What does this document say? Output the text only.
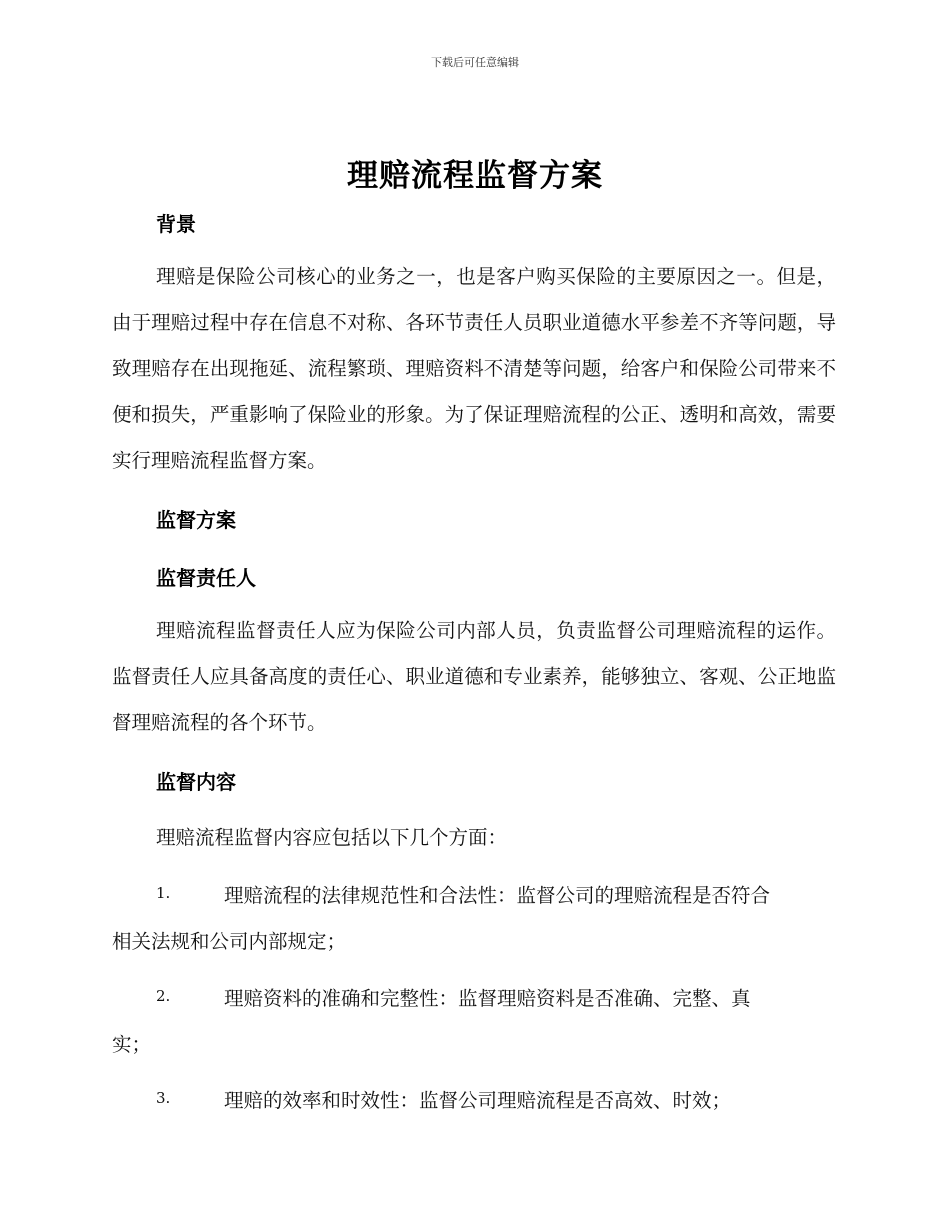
下载后可任意编辑
理赔流程监督方案
背景
理赔是保险公司核心的业务之一，也是客户购买保险的主要原因之一。但是，由于理赔过程中存在信息不对称、各环节责任人员职业道德水平参差不齐等问题，导致理赔存在出现拖延、流程繁琐、理赔资料不清楚等问题，给客户和保险公司带来不便和损失，严重影响了保险业的形象。为了保证理赔流程的公正、透明和高效，需要实行理赔流程监督方案。
监督方案
监督责任人
理赔流程监督责任人应为保险公司内部人员，负责监督公司理赔流程的运作。监督责任人应具备高度的责任心、职业道德和专业素养，能够独立、客观、公正地监督理赔流程的各个环节。
监督内容
理赔流程监督内容应包括以下几个方面：
1.	理赔流程的法律规范性和合法性：监督公司的理赔流程是否符合
相关法规和公司内部规定；
2.	理赔资料的准确和完整性：监督理赔资料是否准确、完整、真
实；
3.	理赔的效率和时效性：监督公司理赔流程是否高效、时效；
